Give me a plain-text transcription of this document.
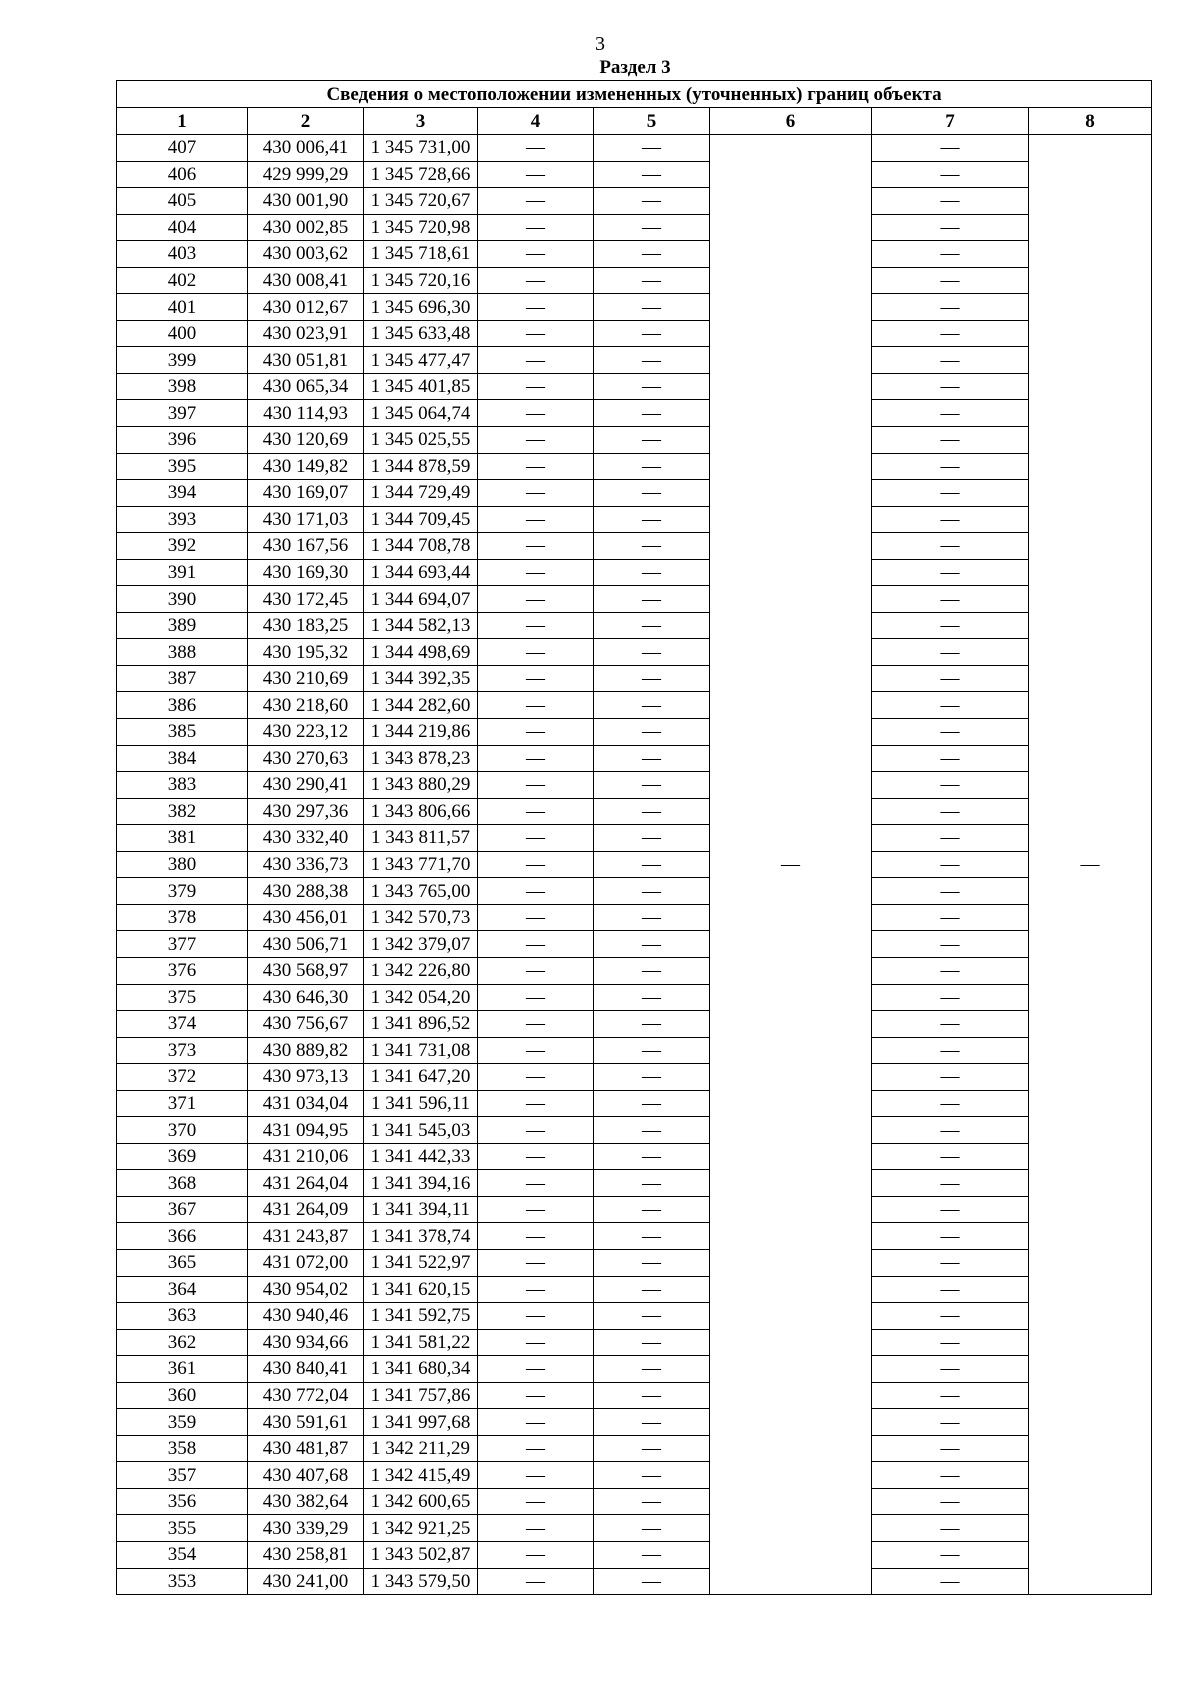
3
Раздел 3
Сведения о местоположении измененных (уточненных) границ объекта							
1	2	3	4	5	6	7	8
407	430 006,41	1 345 731,00	—	—	—	—	—
406	429 999,29	1 345 728,66	—	—		—	
405	430 001,90	1 345 720,67	—	—		—	
404	430 002,85	1 345 720,98	—	—		—	
403	430 003,62	1 345 718,61	—	—		—	
402	430 008,41	1 345 720,16	—	—		—	
401	430 012,67	1 345 696,30	—	—		—	
400	430 023,91	1 345 633,48	—	—		—	
399	430 051,81	1 345 477,47	—	—		—	
398	430 065,34	1 345 401,85	—	—		—	
397	430 114,93	1 345 064,74	—	—		—	
396	430 120,69	1 345 025,55	—	—		—	
395	430 149,82	1 344 878,59	—	—		—	
394	430 169,07	1 344 729,49	—	—		—	
393	430 171,03	1 344 709,45	—	—		—	
392	430 167,56	1 344 708,78	—	—		—	
391	430 169,30	1 344 693,44	—	—		—	
390	430 172,45	1 344 694,07	—	—		—	
389	430 183,25	1 344 582,13	—	—		—	
388	430 195,32	1 344 498,69	—	—		—	
387	430 210,69	1 344 392,35	—	—		—	
386	430 218,60	1 344 282,60	—	—		—	
385	430 223,12	1 344 219,86	—	—		—	
384	430 270,63	1 343 878,23	—	—		—	
383	430 290,41	1 343 880,29	—	—		—	
382	430 297,36	1 343 806,66	—	—		—	
381	430 332,40	1 343 811,57	—	—		—	
380	430 336,73	1 343 771,70	—	—		—	
379	430 288,38	1 343 765,00	—	—		—	
378	430 456,01	1 342 570,73	—	—		—	
377	430 506,71	1 342 379,07	—	—		—	
376	430 568,97	1 342 226,80	—	—		—	
375	430 646,30	1 342 054,20	—	—		—	
374	430 756,67	1 341 896,52	—	—		—	
373	430 889,82	1 341 731,08	—	—		—	
372	430 973,13	1 341 647,20	—	—		—	
371	431 034,04	1 341 596,11	—	—		—	
370	431 094,95	1 341 545,03	—	—		—	
369	431 210,06	1 341 442,33	—	—		—	
368	431 264,04	1 341 394,16	—	—		—	
367	431 264,09	1 341 394,11	—	—		—	
366	431 243,87	1 341 378,74	—	—		—	
365	431 072,00	1 341 522,97	—	—		—	
364	430 954,02	1 341 620,15	—	—		—	
363	430 940,46	1 341 592,75	—	—		—	
362	430 934,66	1 341 581,22	—	—		—	
361	430 840,41	1 341 680,34	—	—		—	
360	430 772,04	1 341 757,86	—	—		—	
359	430 591,61	1 341 997,68	—	—		—	
358	430 481,87	1 342 211,29	—	—		—	
357	430 407,68	1 342 415,49	—	—		—	
356	430 382,64	1 342 600,65	—	—		—	
355	430 339,29	1 342 921,25	—	—		—	
354	430 258,81	1 343 502,87	—	—		—	
353	430 241,00	1 343 579,50	—	—		—	
